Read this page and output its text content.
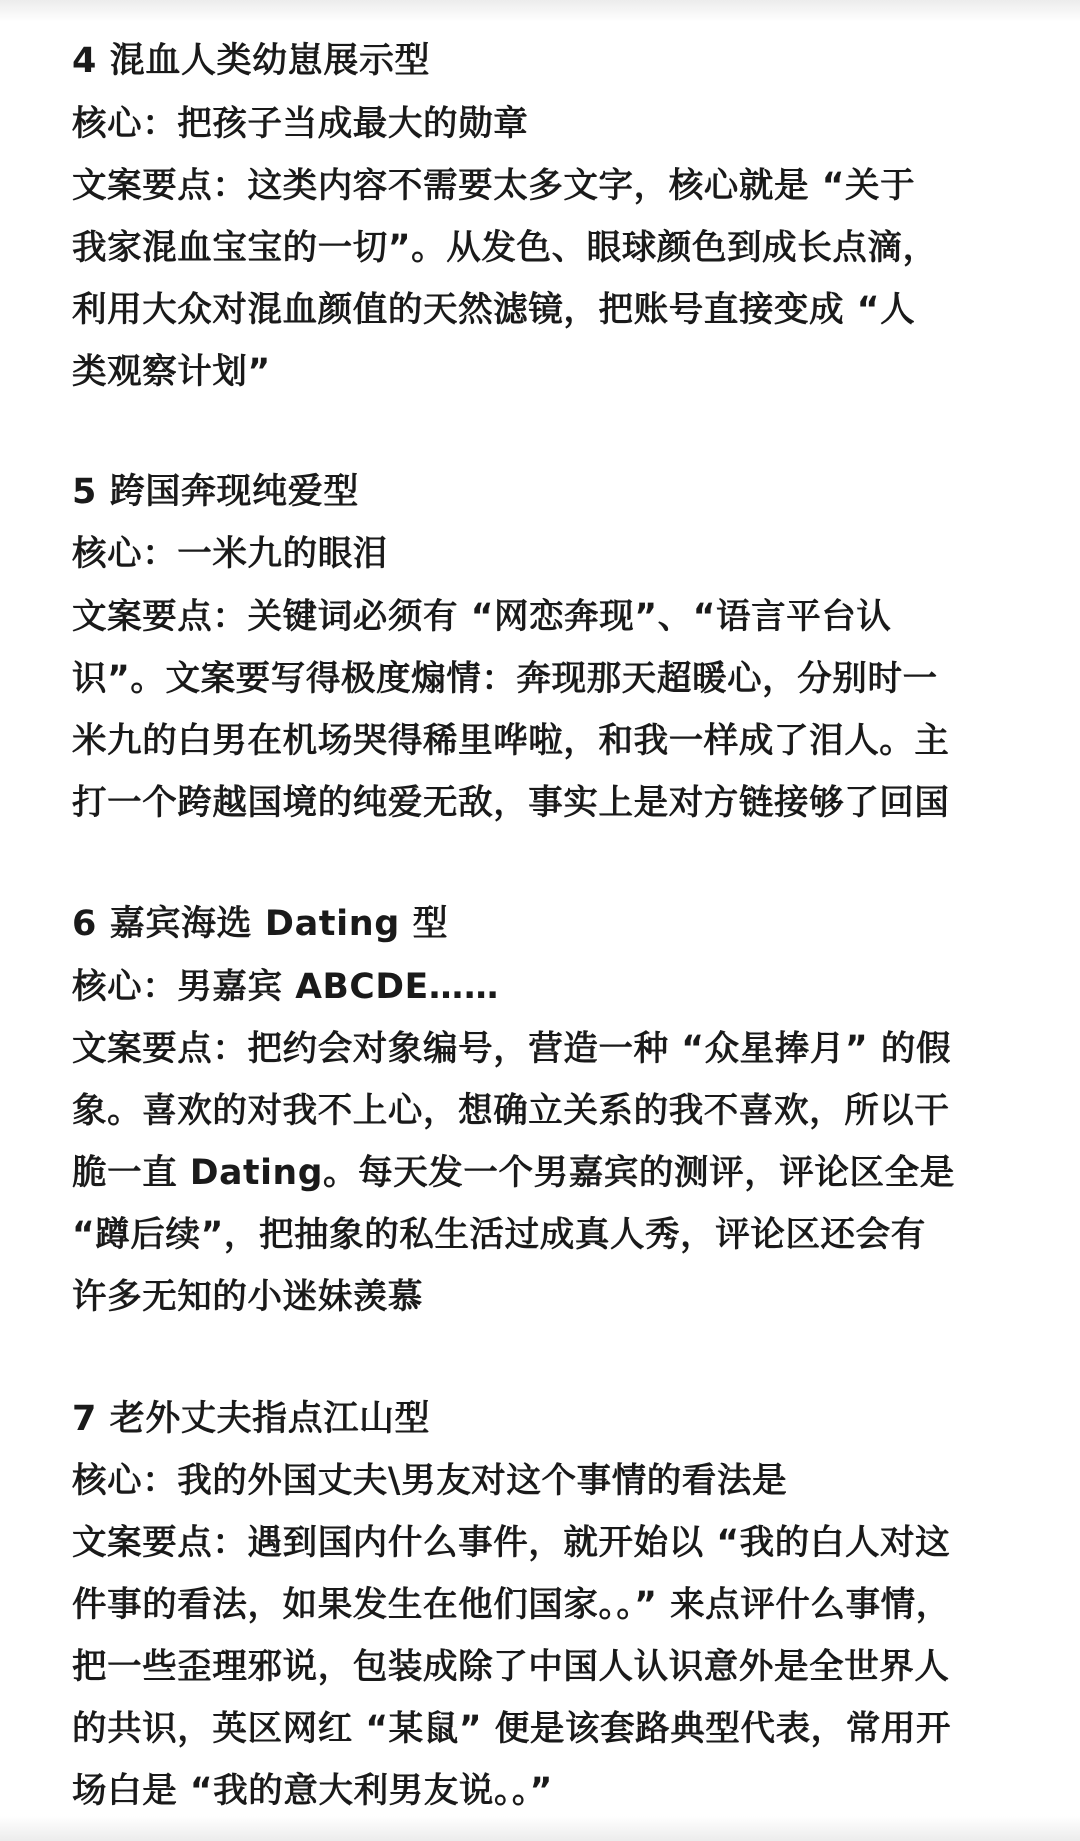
4 混血人类幼崽展示型
核心：把孩子当成最大的勋章
文案要点：这类内容不需要太多文字，核心就是 “关于
我家混血宝宝的一切”。从发色、眼球颜色到成长点滴，
利用大众对混血颜值的天然滤镜，把账号直接变成 “人
类观察计划”
5 跨国奔现纯爱型
核心：一米九的眼泪
文案要点：关键词必须有 “网恋奔现”、“语言平台认
识”。文案要写得极度煽情：奔现那天超暖心，分别时一
米九的白男在机场哭得稀里哗啦，和我一样成了泪人。主
打一个跨越国境的纯爱无敌，事实上是对方链接够了回国
6 嘉宾海选 Dating 型
核心：男嘉宾 ABCDE……
文案要点：把约会对象编号，营造一种 “众星捧月” 的假
象。喜欢的对我不上心，想确立关系的我不喜欢，所以干
脆一直 Dating。每天发一个男嘉宾的测评，评论区全是
“蹲后续”，把抽象的私生活过成真人秀，评论区还会有
许多无知的小迷妹羡慕
7 老外丈夫指点江山型
核心：我的外国丈夫\男友对这个事情的看法是
文案要点：遇到国内什么事件，就开始以 “我的白人对这
件事的看法，如果发生在他们国家。。” 来点评什么事情，
把一些歪理邪说，包装成除了中国人认识意外是全世界人
的共识，英区网红 “某鼠” 便是该套路典型代表，常用开
场白是 “我的意大利男友说。。”
